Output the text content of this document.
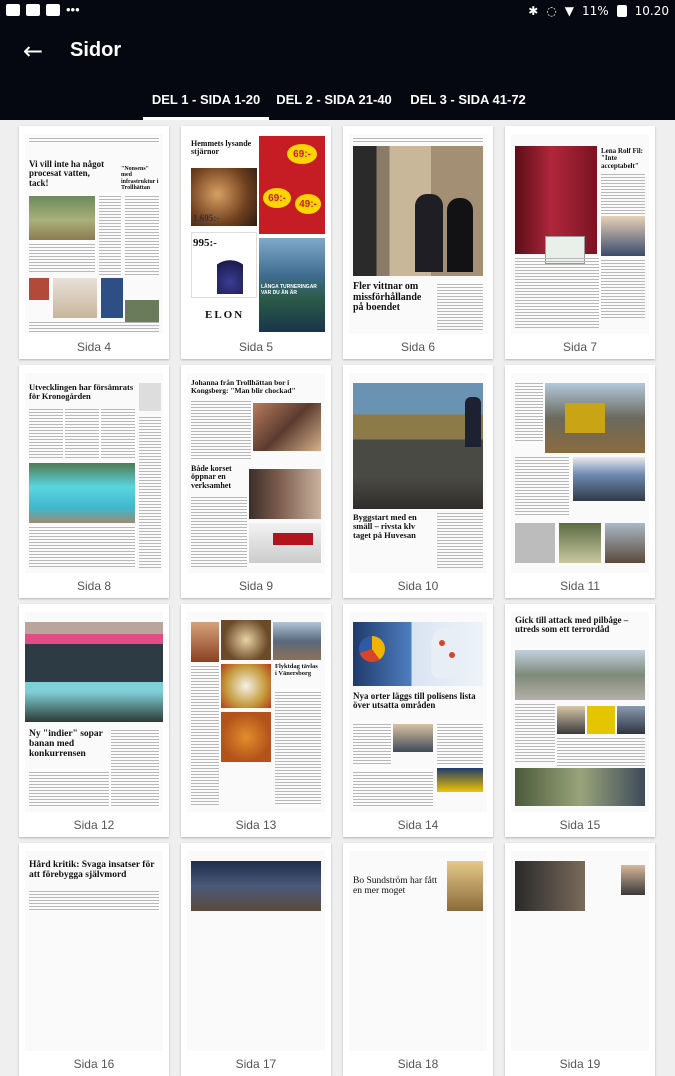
•••	✱ ◌ ▼ 11% 10.20
← Sidor
DEL 1 - SIDA 1-20	DEL 2 - SIDA 21-40	DEL 3 - SIDA 41-72
Vi vill inte ha något procesat vatten, tack!
"Nonsens" med infrastruktur i Trollhättan
Sida 4
Hemmets lysande stjärnor
1.695:-
995:-
ELON
69:-
69:-
49:-
LÅNGA TURNERINGAR VAR DU ÄN ÄR
Sida 5
Fler vittnar om missförhållande på boendet
Sida 6
Lena Rolf Fil: "Inte acceptabelt"
Sida 7
Utvecklingen har försämrats för Kronogården
Sida 8
Johanna från Trollhättan bor i Kongsberg: "Man blir chockad"
Både korset öppnar en verksamhet
Sida 9
Byggstart med en smäll – rivsta klv taget på Huvesan
Sida 10	Sida 11
Ny "indier" sopar banan med konkurrensen
Sida 12
Flyktdag tävlas i Vänersborg
Sida 13
Nya orter läggs till polisens lista över utsatta områden
Sida 14
Gick till attack med pilbåge – utreds som ett terrordåd
Sida 15
Hård kritik: Svaga insatser för att förebygga självmord
Sida 16	Sida 17
Bo Sundström har fått en mer moget
Sida 18	Sida 19
